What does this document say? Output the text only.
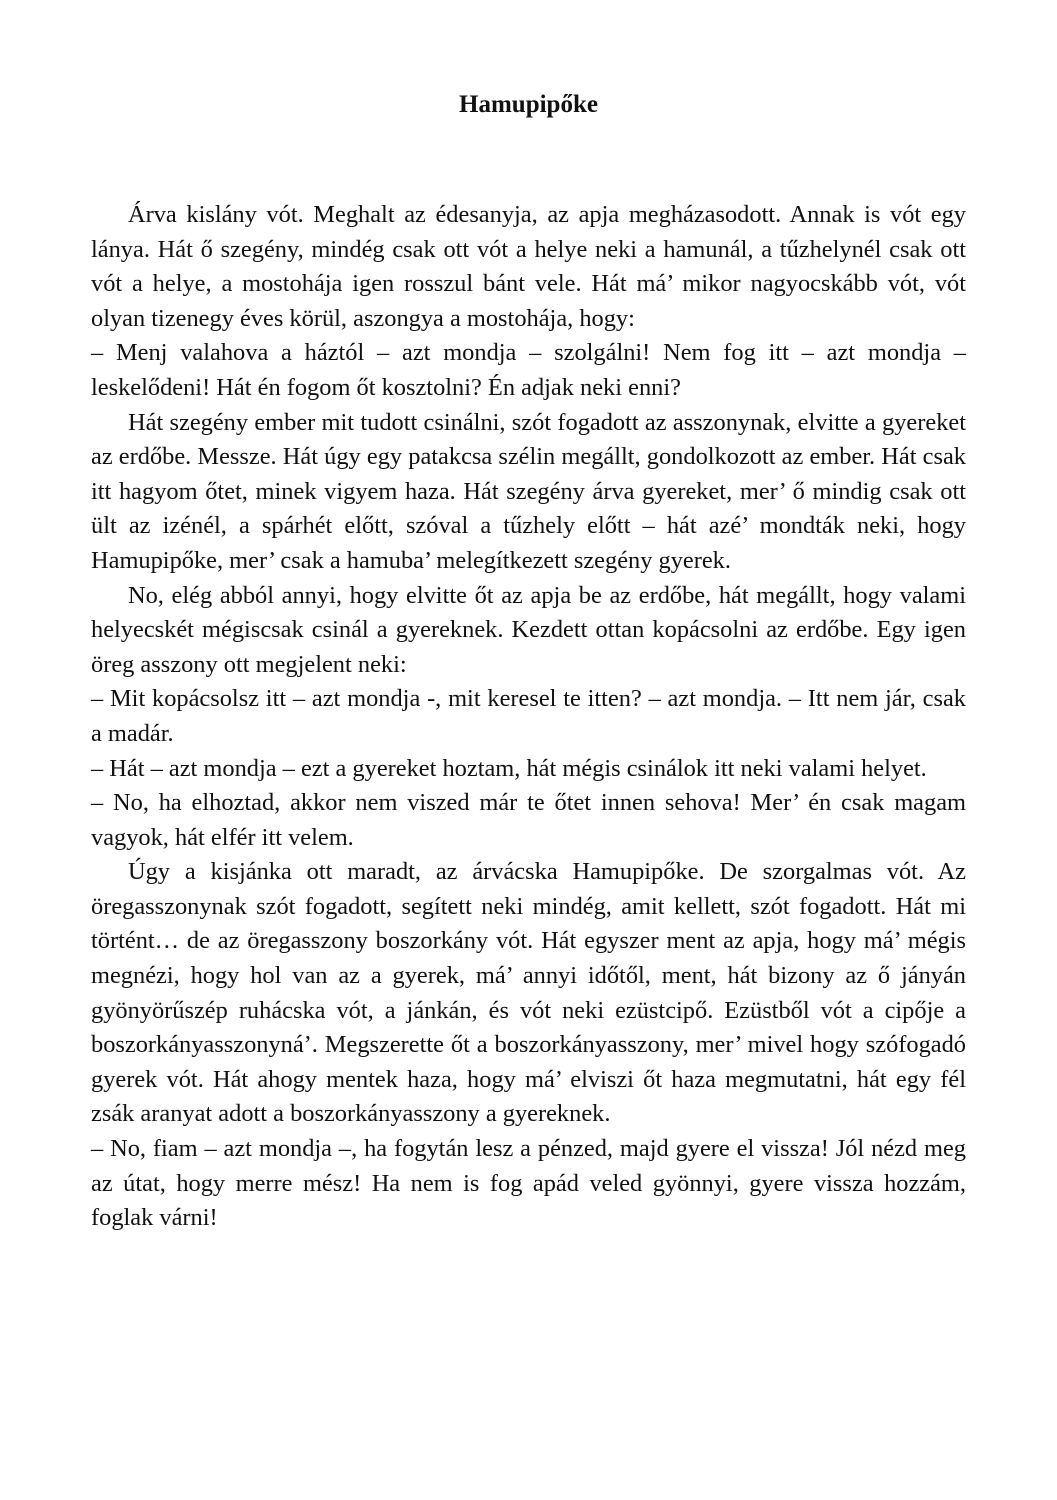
Hamupipőke

Árva kislány vót. Meghalt az édesanyja, az apja megházasodott. Annak is vót egy lánya. Hát ő szegény, mindég csak ott vót a helye neki a hamunál, a tűzhelynél csak ott vót a helye, a mostohája igen rosszul bánt vele. Hát má’ mikor nagyocskább vót, vót olyan tizenegy éves körül, aszongya a mostohája, hogy:

– Menj valahova a háztól – azt mondja – szolgálni! Nem fog itt – azt mondja – leskelődeni! Hát én fogom őt kosztolni? Én adjak neki enni?

Hát szegény ember mit tudott csinálni, szót fogadott az asszonynak, elvitte a gyereket az erdőbe. Messze. Hát úgy egy patakcsa szélin megállt, gondolkozott az ember. Hát csak itt hagyom őtet, minek vigyem haza. Hát szegény árva gyereket, mer’ ő mindig csak ott ült az izénél, a spárhét előtt, szóval a tűzhely előtt – hát azé’ mondták neki, hogy Hamupipőke, mer’ csak a hamuba’ melegítkezett szegény gyerek.

No, elég abból annyi, hogy elvitte őt az apja be az erdőbe, hát megállt, hogy valami helyecskét mégiscsak csinál a gyereknek. Kezdett ottan kopácsolni az erdőbe. Egy igen öreg asszony ott megjelent neki:

– Mit kopácsolsz itt – azt mondja -, mit keresel te itten? – azt mondja. – Itt nem jár, csak a madár.

– Hát – azt mondja – ezt a gyereket hoztam, hát mégis csinálok itt neki valami helyet.

– No, ha elhoztad, akkor nem viszed már te őtet innen sehova! Mer’ én csak magam vagyok, hát elfér itt velem.

Úgy a kisjánka ott maradt, az árvácska Hamupipőke. De szorgalmas vót. Az öregasszonynak szót fogadott, segített neki mindég, amit kellett, szót fogadott. Hát mi történt… de az öregasszony boszorkány vót. Hát egyszer ment az apja, hogy má’ mégis megnézi, hogy hol van az a gyerek, má’ annyi időtől, ment, hát bizony az ő jányán gyönyörűszép ruhácska vót, a jánkán, és vót neki ezüstcipő. Ezüstből vót a cipője a boszorkányasszonyná’. Megszerette őt a boszorkányasszony, mer’ mivel hogy szófogadó gyerek vót. Hát ahogy mentek haza, hogy má’ elviszi őt haza megmutatni, hát egy fél zsák aranyat adott a boszorkányasszony a gyereknek.

– No, fiam – azt mondja –, ha fogytán lesz a pénzed, majd gyere el vissza! Jól nézd meg az útat, hogy merre mész! Ha nem is fog apád veled gyönnyi, gyere vissza hozzám, foglak várni!
